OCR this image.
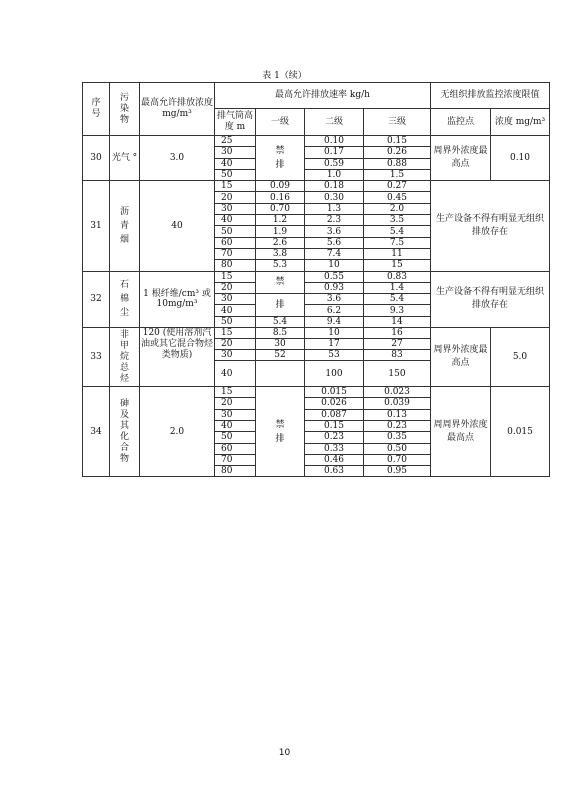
表 1（续）
序号	污染物	最高允许排放浓度 mg/m³	最高允许排放速率 kg/h				无组织排放监控浓度限值	
			排气筒高度 m	一级	二级	三级	监控点	浓度 mg/m³
30	光气 °	3.0	25	禁排	0.10	0.15	周界外浓度最高点	0.10
			30		0.17	0.26		
			40		0.59	0.88		
			50		1.0	1.5		
31	沥青烟	40	15	0.09	0.18	0.27	生产设备不得有明显无组织排放存在	
			20	0.16	0.30	0.45		
			30	0.70	1.3	2.0		
			40	1.2	2.3	3.5		
			50	1.9	3.6	5.4		
			60	2.6	5.6	7.5		
			70	3.8	7.4	11		
			80	5.3	10	15		
32	石棉尘	1 根纤维/cm³ 或 10mg/m³	15	禁	0.55	0.83	生产设备不得有明显无组织排放存在	
			20		0.93	1.4		
			30	排	3.6	5.4		
			40		6.2	9.3		
			50	5.4	9.4	14		
33	非甲烷总烃	120 (使用溶剂汽油或其它混合物烃类物质)	15	8.5	10	16	周界外浓度最高点	5.0
			20	30	17	27		
			30	52	53	83		
			40		100	150		
34	砷及其化合物	2.0	15	禁排	0.015	0.023	周周界外浓度最高点	0.015
			20		0.026	0.039		
			30		0.087	0.13		
			40		0.15	0.23		
			50		0.23	0.35		
			60		0.33	0.50		
			70		0.46	0.70		
			80		0.63	0.95		
10
